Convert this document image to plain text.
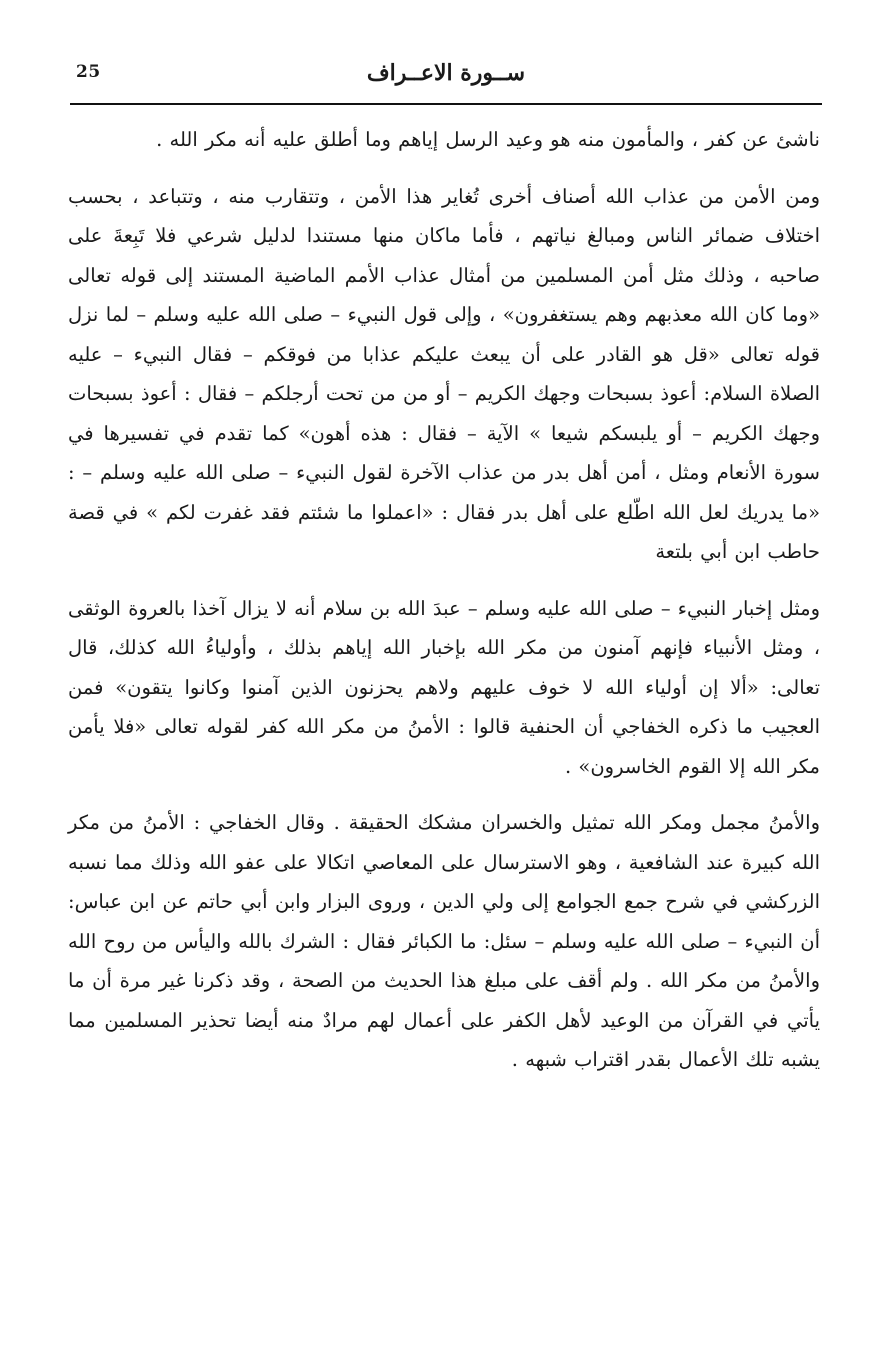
25	ســورة الاعــراف

ناشئ عن كفر ، والمأمون منه هو وعيد الرسل إياهم وما أطلق عليه أنه مكر الله .

ومن الأمن من عذاب الله أصناف أخرى تُغاير هذا الأمن ، وتتقارب منه ، وتتباعد ، بحسب اختلاف ضمائر الناس ومبالغ نياتهم ، فأما ماكان منها مستندا لدليل شرعي فلا تَبِعةَ على صاحبه ، وذلك مثل أمن المسلمين من أمثال عذاب الأمم الماضية المستند إلى قوله تعالى «وما كان الله معذبهم وهم يستغفرون» ، وإلى قول النبيء – صلى الله عليه وسلم – لما نزل قوله تعالى «قل هو القادر على أن يبعث عليكم عذابا من فوقكم – فقال النبيء – عليه الصلاة السلام: أعوذ بسبحات وجهك الكريم – أو من من تحت أرجلكم – فقال : أعوذ بسبحات وجهك الكريم – أو يلبسكم شيعا » الآية – فقال : هذه أهون» كما تقدم في تفسيرها في سورة الأنعام ومثل ، أمن أهل بدر من عذاب الآخرة لقول النبيء – صلى الله عليه وسلم – : «ما يدريك لعل الله اطّلع على أهل بدر فقال : «اعملوا ما شئتم فقد غفرت لكم » في قصة حاطب ابن أبي بلتعة

ومثل إخبار النبيء – صلى الله عليه وسلم – عبدَ الله بن سلام أنه لا يزال آخذا بالعروة الوثقى ، ومثل الأنبياء فإنهم آمنون من مكر الله بإخبار الله إياهم بذلك ، وأولياءُ الله كذلك، قال تعالى: «ألا إن أولياء الله لا خوف عليهم ولاهم يحزنون الذين آمنوا وكانوا يتقون» فمن العجيب ما ذكره الخفاجي أن الحنفية قالوا : الأمنُ من مكر الله كفر لقوله تعالى «فلا يأمن مكر الله إلا القوم الخاسرون» .

والأمنُ مجمل ومكر الله تمثيل والخسران مشكك الحقيقة . وقال الخفاجي : الأمنُ من مكر الله كبيرة عند الشافعية ، وهو الاسترسال على المعاصي اتكالا على عفو الله وذلك مما نسبه الزركشي في شرح جمع الجوامع إلى ولي الدين ، وروى البزار وابن أبي حاتم عن ابن عباس: أن النبيء – صلى الله عليه وسلم – سئل: ما الكبائر فقال : الشرك بالله واليأس من روح الله والأمنُ من مكر الله . ولم أقف على مبلغ هذا الحديث من الصحة ، وقد ذكرنا غير مرة أن ما يأتي في القرآن من الوعيد لأهل الكفر على أعمال لهم مرادٌ منه أيضا تحذير المسلمين مما يشبه تلك الأعمال بقدر اقتراب شبهه .
